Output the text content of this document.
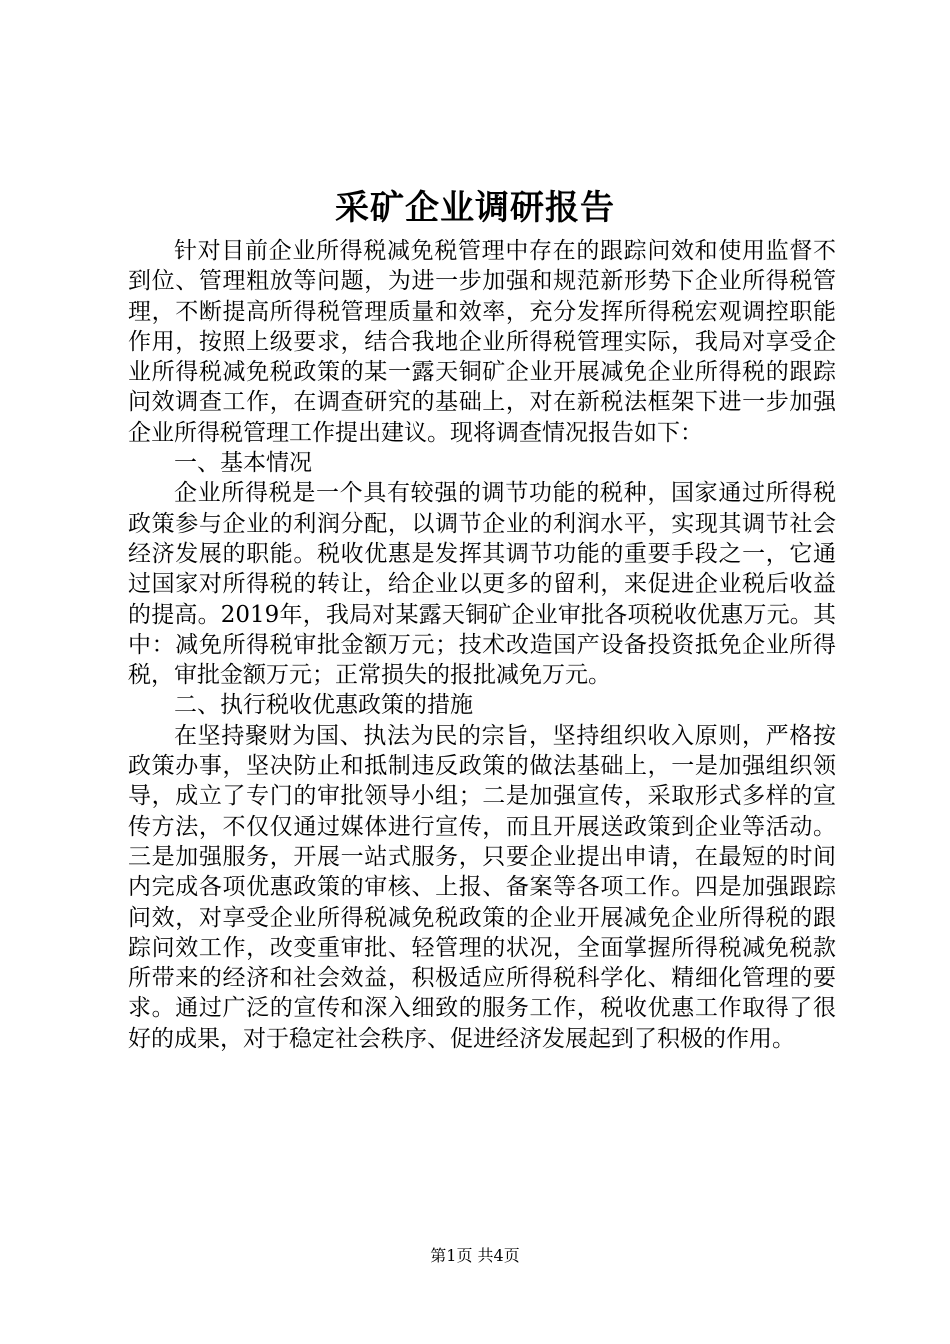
采矿企业调研报告

针对目前企业所得税减免税管理中存在的跟踪问效和使用监督不到位、管理粗放等问题，为进一步加强和规范新形势下企业所得税管理，不断提高所得税管理质量和效率，充分发挥所得税宏观调控职能作用，按照上级要求，结合我地企业所得税管理实际，我局对享受企业所得税减免税政策的某一露天铜矿企业开展减免企业所得税的跟踪问效调查工作，在调查研究的基础上，对在新税法框架下进一步加强企业所得税管理工作提出建议。现将调查情况报告如下：

一、基本情况

企业所得税是一个具有较强的调节功能的税种，国家通过所得税政策参与企业的利润分配，以调节企业的利润水平，实现其调节社会经济发展的职能。税收优惠是发挥其调节功能的重要手段之一，它通过国家对所得税的转让，给企业以更多的留利，来促进企业税后收益的提高。2019年，我局对某露天铜矿企业审批各项税收优惠万元。其中：减免所得税审批金额万元；技术改造国产设备投资抵免企业所得税，审批金额万元；正常损失的报批减免万元。

二、执行税收优惠政策的措施

在坚持聚财为国、执法为民的宗旨，坚持组织收入原则，严格按政策办事，坚决防止和抵制违反政策的做法基础上，一是加强组织领导，成立了专门的审批领导小组；二是加强宣传，采取形式多样的宣传方法，不仅仅通过媒体进行宣传，而且开展送政策到企业等活动。三是加强服务，开展一站式服务，只要企业提出申请，在最短的时间内完成各项优惠政策的审核、上报、备案等各项工作。四是加强跟踪问效，对享受企业所得税减免税政策的企业开展减免企业所得税的跟踪问效工作，改变重审批、轻管理的状况，全面掌握所得税减免税款所带来的经济和社会效益，积极适应所得税科学化、精细化管理的要求。通过广泛的宣传和深入细致的服务工作，税收优惠工作取得了很好的成果，对于稳定社会秩序、促进经济发展起到了积极的作用。

第1页 共4页
